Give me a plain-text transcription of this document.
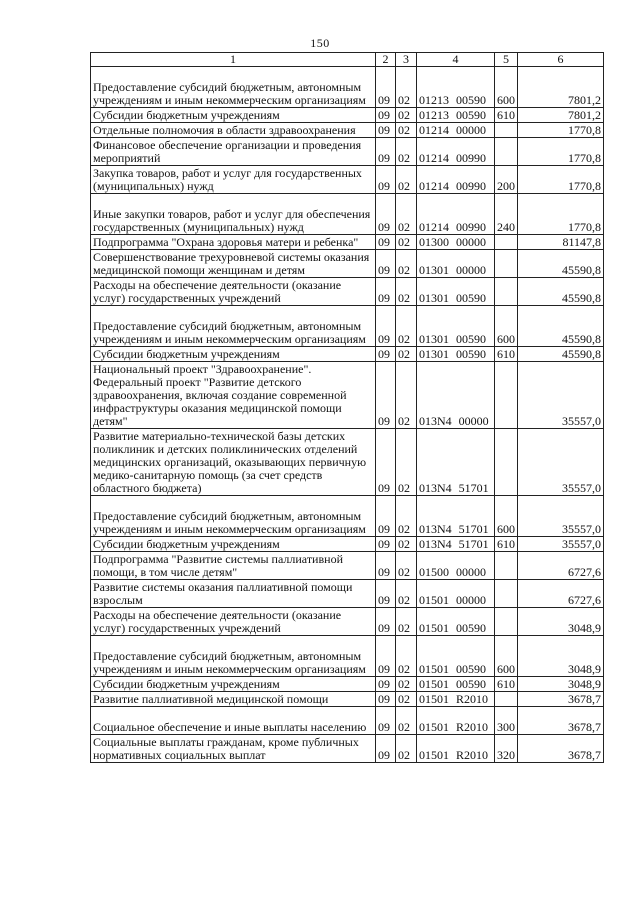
150
1	2	3	4	5	6
Предоставление субсидий бюджетным, автономным учреждениям и иным некоммерческим организациям	09	02	01213 00590	600	7801,2
Субсидии бюджетным учреждениям	09	02	01213 00590	610	7801,2
Отдельные полномочия в области здравоохранения	09	02	01214 00000		1770,8
Финансовое обеспечение организации и проведения мероприятий	09	02	01214 00990		1770,8
Закупка товаров, работ и услуг для государственных (муниципальных) нужд	09	02	01214 00990	200	1770,8
Иные закупки товаров, работ и услуг для обеспечения государственных (муниципальных) нужд	09	02	01214 00990	240	1770,8
Подпрограмма "Охрана здоровья матери и ребенка"	09	02	01300 00000		81147,8
Совершенствование трехуровневой системы оказания медицинской помощи женщинам и детям	09	02	01301 00000		45590,8
Расходы на обеспечение деятельности (оказание услуг) государственных учреждений	09	02	01301 00590		45590,8
Предоставление субсидий бюджетным, автономным учреждениям и иным некоммерческим организациям	09	02	01301 00590	600	45590,8
Субсидии бюджетным учреждениям	09	02	01301 00590	610	45590,8
Национальный проект "Здравоохранение". Федеральный проект "Развитие детского здравоохранения, включая создание современной инфраструктуры оказания медицинской помощи детям"	09	02	013N4 00000		35557,0
Развитие материально-технической базы детских поликлиник и детских поликлинических отделений медицинских организаций, оказывающих первичную медико-санитарную помощь (за счет средств областного бюджета)	09	02	013N4 51701		35557,0
Предоставление субсидий бюджетным, автономным учреждениям и иным некоммерческим организациям	09	02	013N4 51701	600	35557,0
Субсидии бюджетным учреждениям	09	02	013N4 51701	610	35557,0
Подпрограмма "Развитие системы паллиативной помощи, в том числе детям"	09	02	01500 00000		6727,6
Развитие системы оказания паллиативной помощи взрослым	09	02	01501 00000		6727,6
Расходы на обеспечение деятельности (оказание услуг) государственных учреждений	09	02	01501 00590		3048,9
Предоставление субсидий бюджетным, автономным учреждениям и иным некоммерческим организациям	09	02	01501 00590	600	3048,9
Субсидии бюджетным учреждениям	09	02	01501 00590	610	3048,9
Развитие паллиативной медицинской помощи	09	02	01501 R2010		3678,7
Социальное обеспечение и иные выплаты населению	09	02	01501 R2010	300	3678,7
Социальные выплаты гражданам, кроме публичных нормативных социальных выплат	09	02	01501 R2010	320	3678,7
